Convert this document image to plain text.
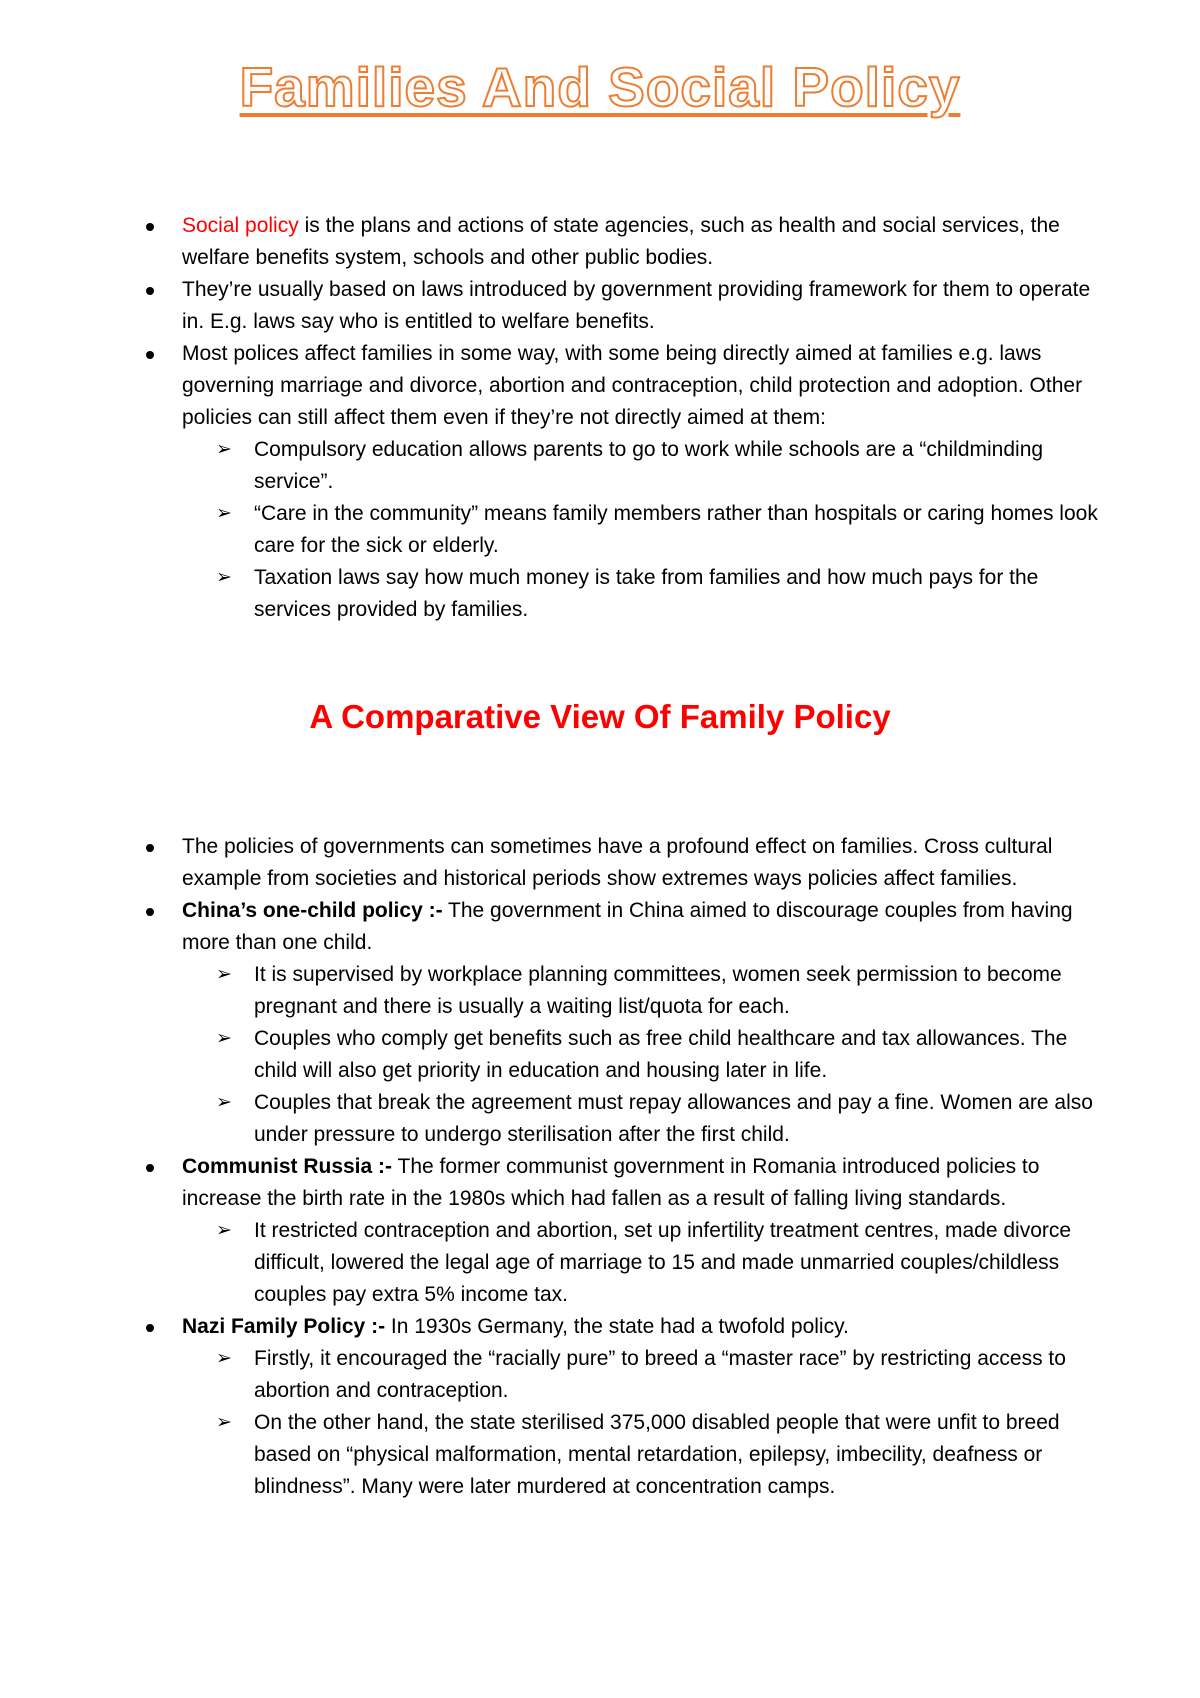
Families And Social Policy
Social policy is the plans and actions of state agencies, such as health and social services, the welfare benefits system, schools and other public bodies.
They’re usually based on laws introduced by government providing framework for them to operate in. E.g. laws say who is entitled to welfare benefits.
Most polices affect families in some way, with some being directly aimed at families e.g. laws governing marriage and divorce, abortion and contraception, child protection and adoption. Other policies can still affect them even if they’re not directly aimed at them:
➢ Compulsory education allows parents to go to work while schools are a “childminding service”.
➢ “Care in the community” means family members rather than hospitals or caring homes look care for the sick or elderly.
➢ Taxation laws say how much money is take from families and how much pays for the services provided by families.
A Comparative View Of Family Policy
The policies of governments can sometimes have a profound effect on families. Cross cultural example from societies and historical periods show extremes ways policies affect families.
China’s one-child policy :- The government in China aimed to discourage couples from having more than one child.
➢ It is supervised by workplace planning committees, women seek permission to become pregnant and there is usually a waiting list/quota for each.
➢ Couples who comply get benefits such as free child healthcare and tax allowances. The child will also get priority in education and housing later in life.
➢ Couples that break the agreement must repay allowances and pay a fine. Women are also under pressure to undergo sterilisation after the first child.
Communist Russia :- The former communist government in Romania introduced policies to increase the birth rate in the 1980s which had fallen as a result of falling living standards.
➢ It restricted contraception and abortion, set up infertility treatment centres, made divorce difficult, lowered the legal age of marriage to 15 and made unmarried couples/childless couples pay extra 5% income tax.
Nazi Family Policy :- In 1930s Germany, the state had a twofold policy.
➢ Firstly, it encouraged the “racially pure” to breed a “master race” by restricting access to abortion and contraception.
➢ On the other hand, the state sterilised 375,000 disabled people that were unfit to breed based on “physical malformation, mental retardation, epilepsy, imbecility, deafness or blindness”. Many were later murdered at concentration camps.
